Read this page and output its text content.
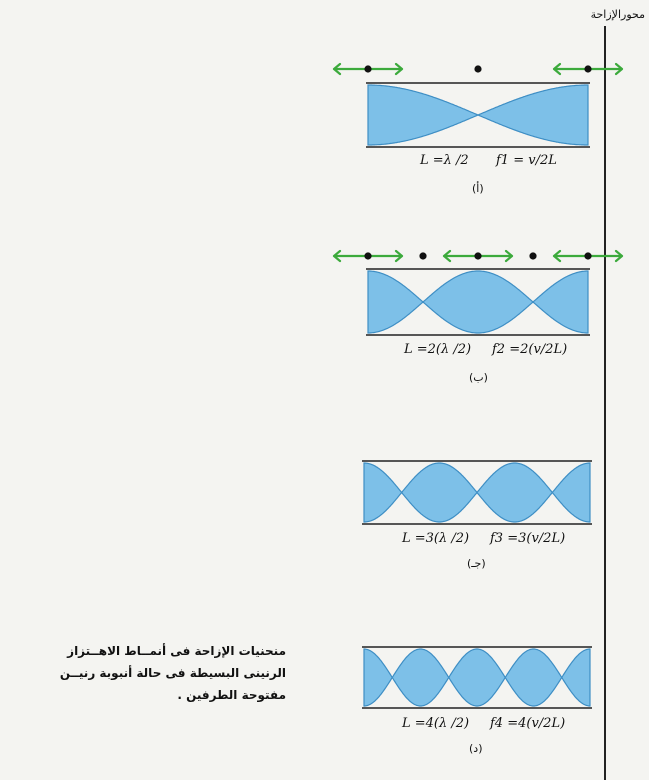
محورالإزاحة
L =λ /2 f1 = v/2L
(أ)
L =2(λ /2) f2 =2(v/2L)
(ب)
L =3(λ /2) f3 =3(v/2L)
(جـ)
L =4(λ /2) f4 =4(v/2L)
(د)
منحنيات الإزاحة فى أنمــاط الاهــتزاز
الرنينى البسيطة فى حالة أنبوبة رنيــن
مفتوحة الطرفين .
